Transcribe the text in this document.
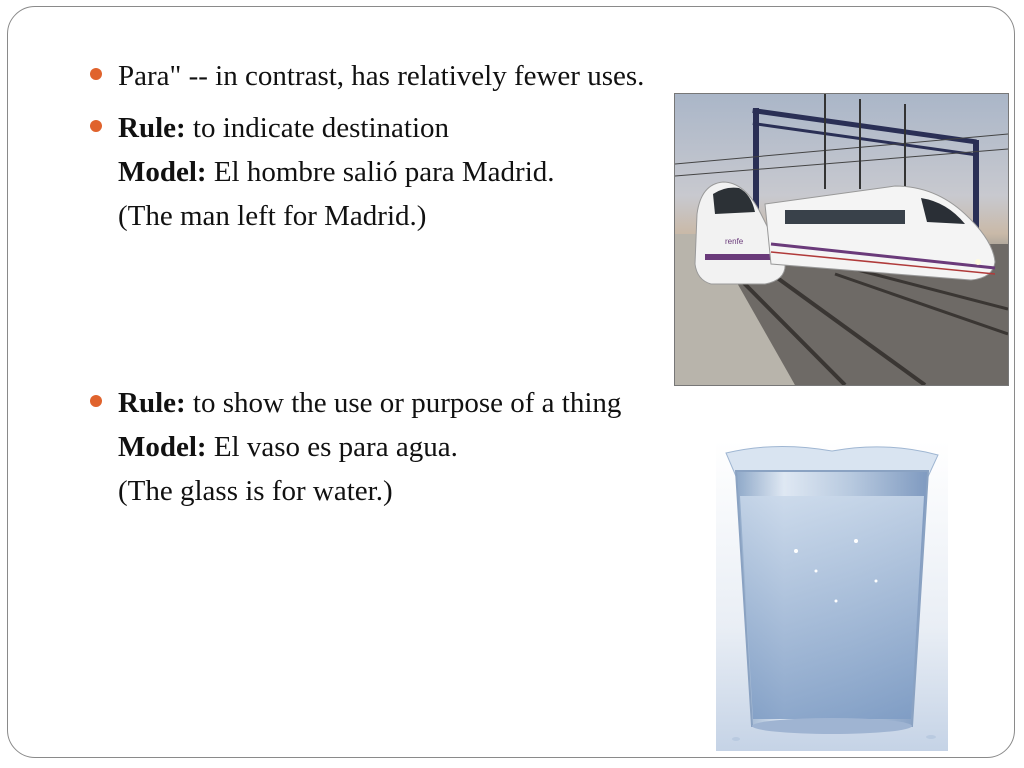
Para" -- in contrast, has relatively fewer uses.
Rule: to indicate destination
Model: El hombre salió para Madrid.
(The man left for Madrid.)
Rule: to show the use or purpose of a thing
Model: El vaso es para agua.
(The glass is for water.)
renfe
